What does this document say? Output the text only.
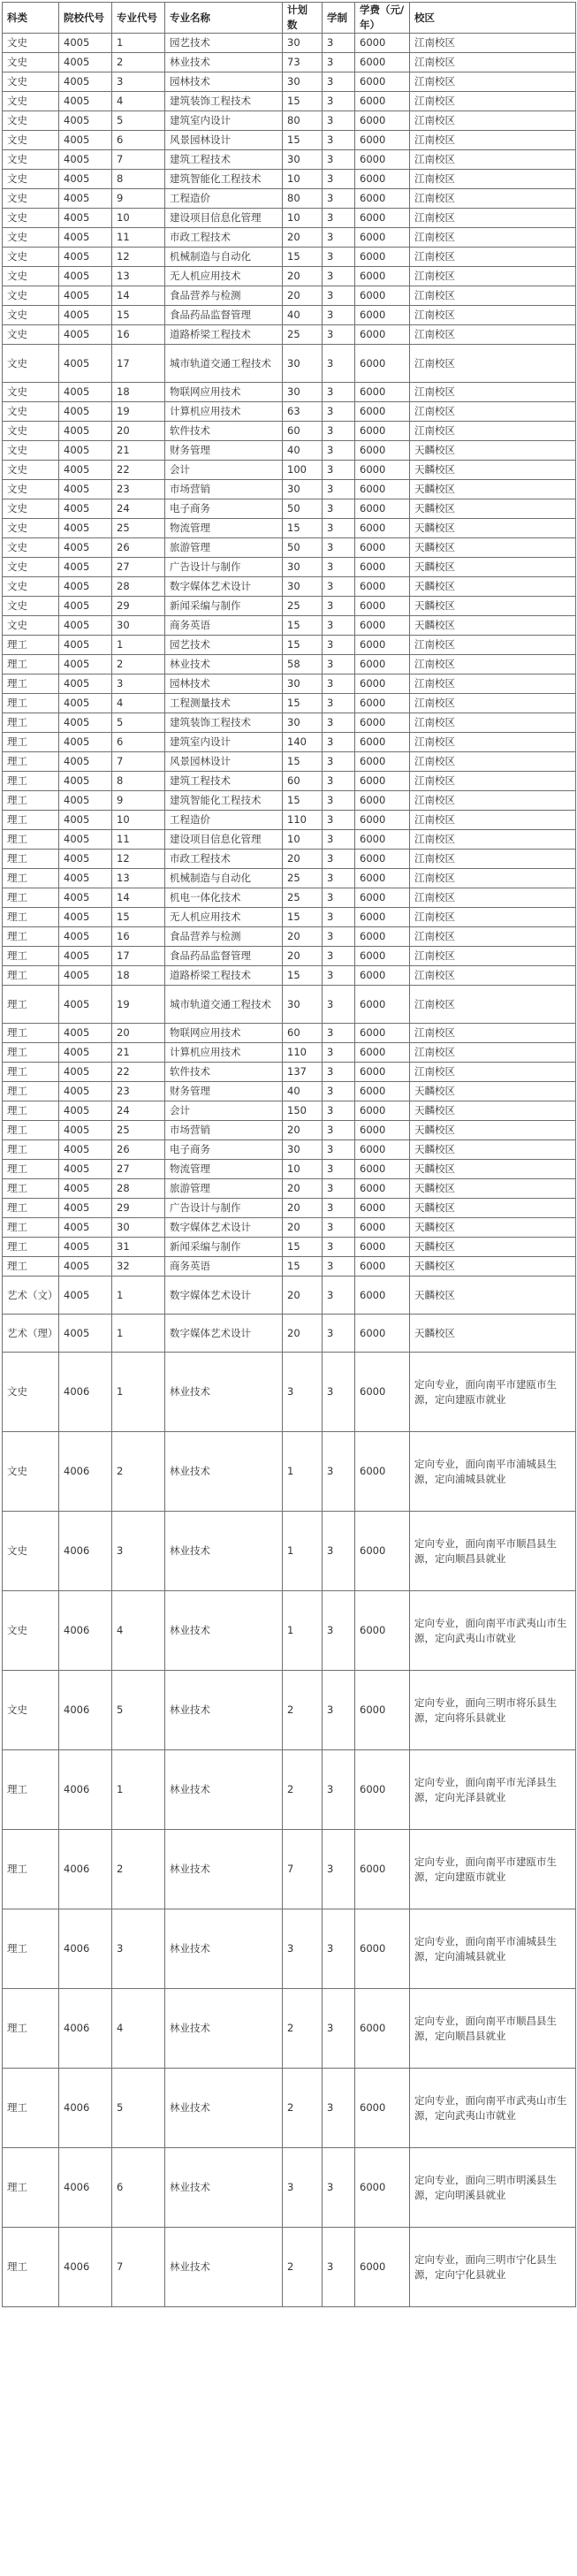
科类	院校代号	专业代号	专业名称	计划数	学制	学费（元/年）	校区
文史	4005	1	园艺技术	30	3	6000	江南校区
文史	4005	2	林业技术	73	3	6000	江南校区
文史	4005	3	园林技术	30	3	6000	江南校区
文史	4005	4	建筑装饰工程技术	15	3	6000	江南校区
文史	4005	5	建筑室内设计	80	3	6000	江南校区
文史	4005	6	风景园林设计	15	3	6000	江南校区
文史	4005	7	建筑工程技术	30	3	6000	江南校区
文史	4005	8	建筑智能化工程技术	10	3	6000	江南校区
文史	4005	9	工程造价	80	3	6000	江南校区
文史	4005	10	建设项目信息化管理	10	3	6000	江南校区
文史	4005	11	市政工程技术	20	3	6000	江南校区
文史	4005	12	机械制造与自动化	15	3	6000	江南校区
文史	4005	13	无人机应用技术	20	3	6000	江南校区
文史	4005	14	食品营养与检测	20	3	6000	江南校区
文史	4005	15	食品药品监督管理	40	3	6000	江南校区
文史	4005	16	道路桥梁工程技术	25	3	6000	江南校区
文史	4005	17	城市轨道交通工程技术	30	3	6000	江南校区
文史	4005	18	物联网应用技术	30	3	6000	江南校区
文史	4005	19	计算机应用技术	63	3	6000	江南校区
文史	4005	20	软件技术	60	3	6000	江南校区
文史	4005	21	财务管理	40	3	6000	天麟校区
文史	4005	22	会计	100	3	6000	天麟校区
文史	4005	23	市场营销	30	3	6000	天麟校区
文史	4005	24	电子商务	50	3	6000	天麟校区
文史	4005	25	物流管理	15	3	6000	天麟校区
文史	4005	26	旅游管理	50	3	6000	天麟校区
文史	4005	27	广告设计与制作	30	3	6000	天麟校区
文史	4005	28	数字媒体艺术设计	30	3	6000	天麟校区
文史	4005	29	新闻采编与制作	25	3	6000	天麟校区
文史	4005	30	商务英语	15	3	6000	天麟校区
理工	4005	1	园艺技术	15	3	6000	江南校区
理工	4005	2	林业技术	58	3	6000	江南校区
理工	4005	3	园林技术	30	3	6000	江南校区
理工	4005	4	工程测量技术	15	3	6000	江南校区
理工	4005	5	建筑装饰工程技术	30	3	6000	江南校区
理工	4005	6	建筑室内设计	140	3	6000	江南校区
理工	4005	7	风景园林设计	15	3	6000	江南校区
理工	4005	8	建筑工程技术	60	3	6000	江南校区
理工	4005	9	建筑智能化工程技术	15	3	6000	江南校区
理工	4005	10	工程造价	110	3	6000	江南校区
理工	4005	11	建设项目信息化管理	10	3	6000	江南校区
理工	4005	12	市政工程技术	20	3	6000	江南校区
理工	4005	13	机械制造与自动化	25	3	6000	江南校区
理工	4005	14	机电一体化技术	25	3	6000	江南校区
理工	4005	15	无人机应用技术	15	3	6000	江南校区
理工	4005	16	食品营养与检测	20	3	6000	江南校区
理工	4005	17	食品药品监督管理	20	3	6000	江南校区
理工	4005	18	道路桥梁工程技术	15	3	6000	江南校区
理工	4005	19	城市轨道交通工程技术	30	3	6000	江南校区
理工	4005	20	物联网应用技术	60	3	6000	江南校区
理工	4005	21	计算机应用技术	110	3	6000	江南校区
理工	4005	22	软件技术	137	3	6000	江南校区
理工	4005	23	财务管理	40	3	6000	天麟校区
理工	4005	24	会计	150	3	6000	天麟校区
理工	4005	25	市场营销	20	3	6000	天麟校区
理工	4005	26	电子商务	30	3	6000	天麟校区
理工	4005	27	物流管理	10	3	6000	天麟校区
理工	4005	28	旅游管理	20	3	6000	天麟校区
理工	4005	29	广告设计与制作	20	3	6000	天麟校区
理工	4005	30	数字媒体艺术设计	20	3	6000	天麟校区
理工	4005	31	新闻采编与制作	15	3	6000	天麟校区
理工	4005	32	商务英语	15	3	6000	天麟校区
艺术（文）	4005	1	数字媒体艺术设计	20	3	6000	天麟校区
艺术（理）	4005	1	数字媒体艺术设计	20	3	6000	天麟校区
文史	4006	1	林业技术	3	3	6000	定向专业，面向南平市建瓯市生源，定向建瓯市就业
文史	4006	2	林业技术	1	3	6000	定向专业，面向南平市浦城县生源，定向浦城县就业
文史	4006	3	林业技术	1	3	6000	定向专业，面向南平市顺昌县生源，定向顺昌县就业
文史	4006	4	林业技术	1	3	6000	定向专业，面向南平市武夷山市生源，定向武夷山市就业
文史	4006	5	林业技术	2	3	6000	定向专业，面向三明市将乐县生源，定向将乐县就业
理工	4006	1	林业技术	2	3	6000	定向专业，面向南平市光泽县生源，定向光泽县就业
理工	4006	2	林业技术	7	3	6000	定向专业，面向南平市建瓯市生源，定向建瓯市就业
理工	4006	3	林业技术	3	3	6000	定向专业，面向南平市浦城县生源，定向浦城县就业
理工	4006	4	林业技术	2	3	6000	定向专业，面向南平市顺昌县生源，定向顺昌县就业
理工	4006	5	林业技术	2	3	6000	定向专业，面向南平市武夷山市生源，定向武夷山市就业
理工	4006	6	林业技术	3	3	6000	定向专业，面向三明市明溪县生源，定向明溪县就业
理工	4006	7	林业技术	2	3	6000	定向专业，面向三明市宁化县生源，定向宁化县就业
